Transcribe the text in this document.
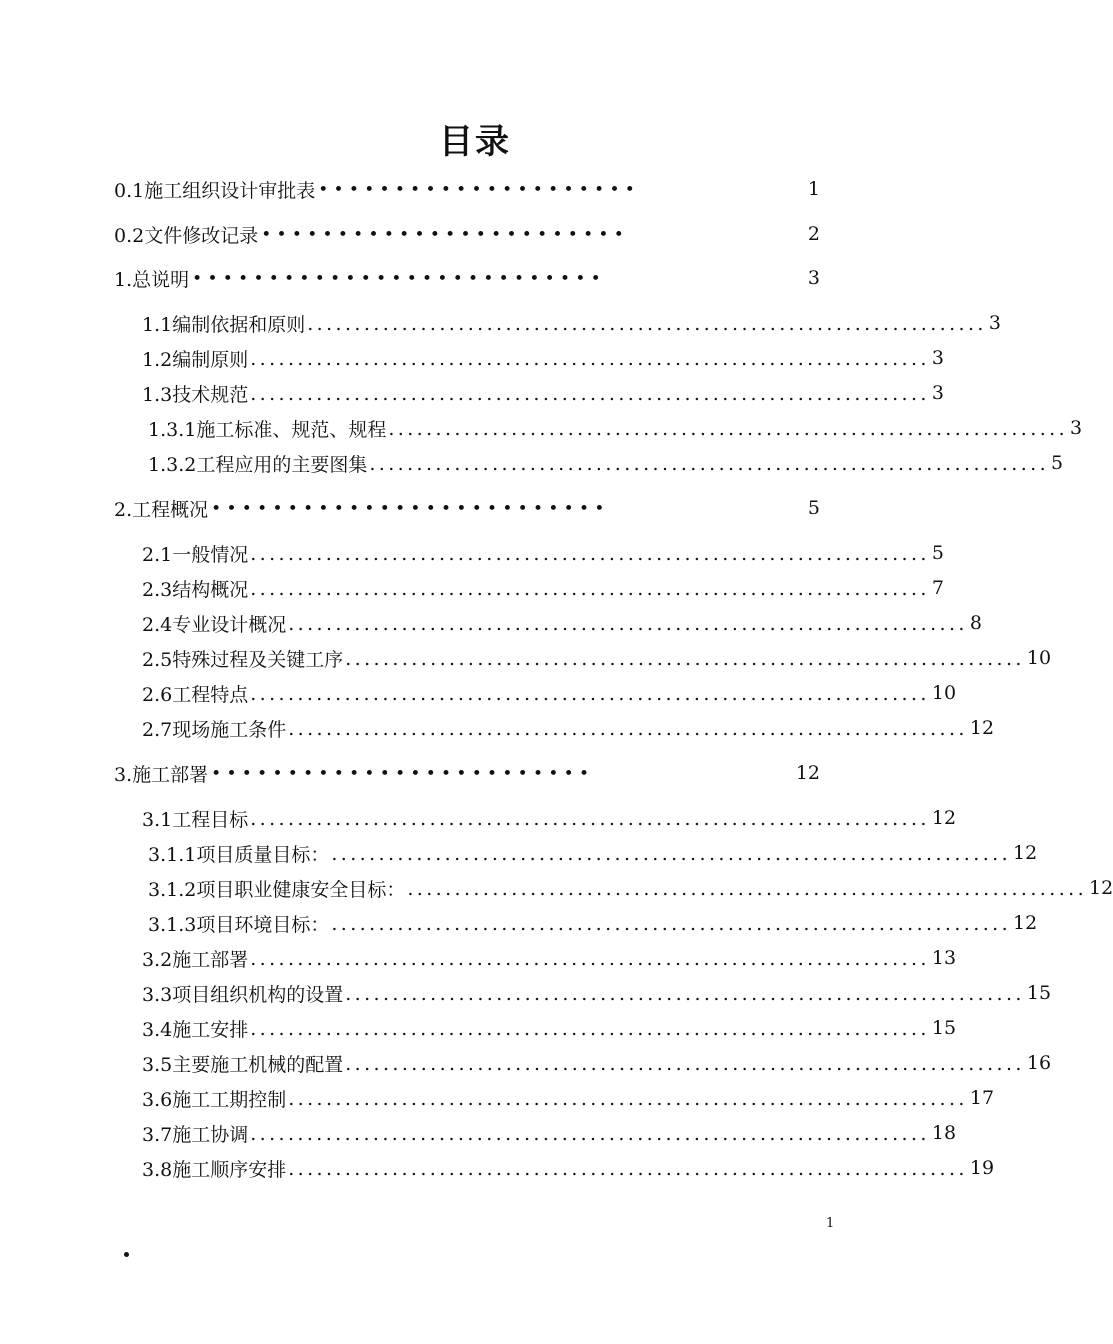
目录
0.1施工组织设计审批表 •••••••••••••••••••••	1
0.2文件修改记录 ••••••••••••••••••••••••	2
1.总说明 •••••••••••••••••••••••••••	3
1.1编制依据和原则 ........................................................................ 3
1.2编制原则 ........................................................................ 3
1.3技术规范 ........................................................................ 3
1.3.1施工标准、规范、规程 ........................................................................ 3
1.3.2工程应用的主要图集 ........................................................................ 5
2.工程概况 ••••••••••••••••••••••••••	5
2.1一般情况 ........................................................................ 5
2.3结构概况 ........................................................................ 7
2.4专业设计概况 ........................................................................ 8
2.5特殊过程及关键工序 ........................................................................ 10
2.6工程特点 ........................................................................ 10
2.7现场施工条件 ........................................................................ 12
3.施工部署 •••••••••••••••••••••••••	12
3.1工程目标 ........................................................................ 12
3.1.1项目质量目标： ........................................................................ 12
3.1.2项目职业健康安全目标： ........................................................................ 12
3.1.3项目环境目标： ........................................................................ 12
3.2施工部署 ........................................................................ 13
3.3项目组织机构的设置 ........................................................................ 15
3.4施工安排 ........................................................................ 15
3.5主要施工机械的配置 ........................................................................ 16
3.6施工工期控制 ........................................................................ 17
3.7施工协调 ........................................................................ 18
3.8施工顺序安排 ........................................................................ 19
1
